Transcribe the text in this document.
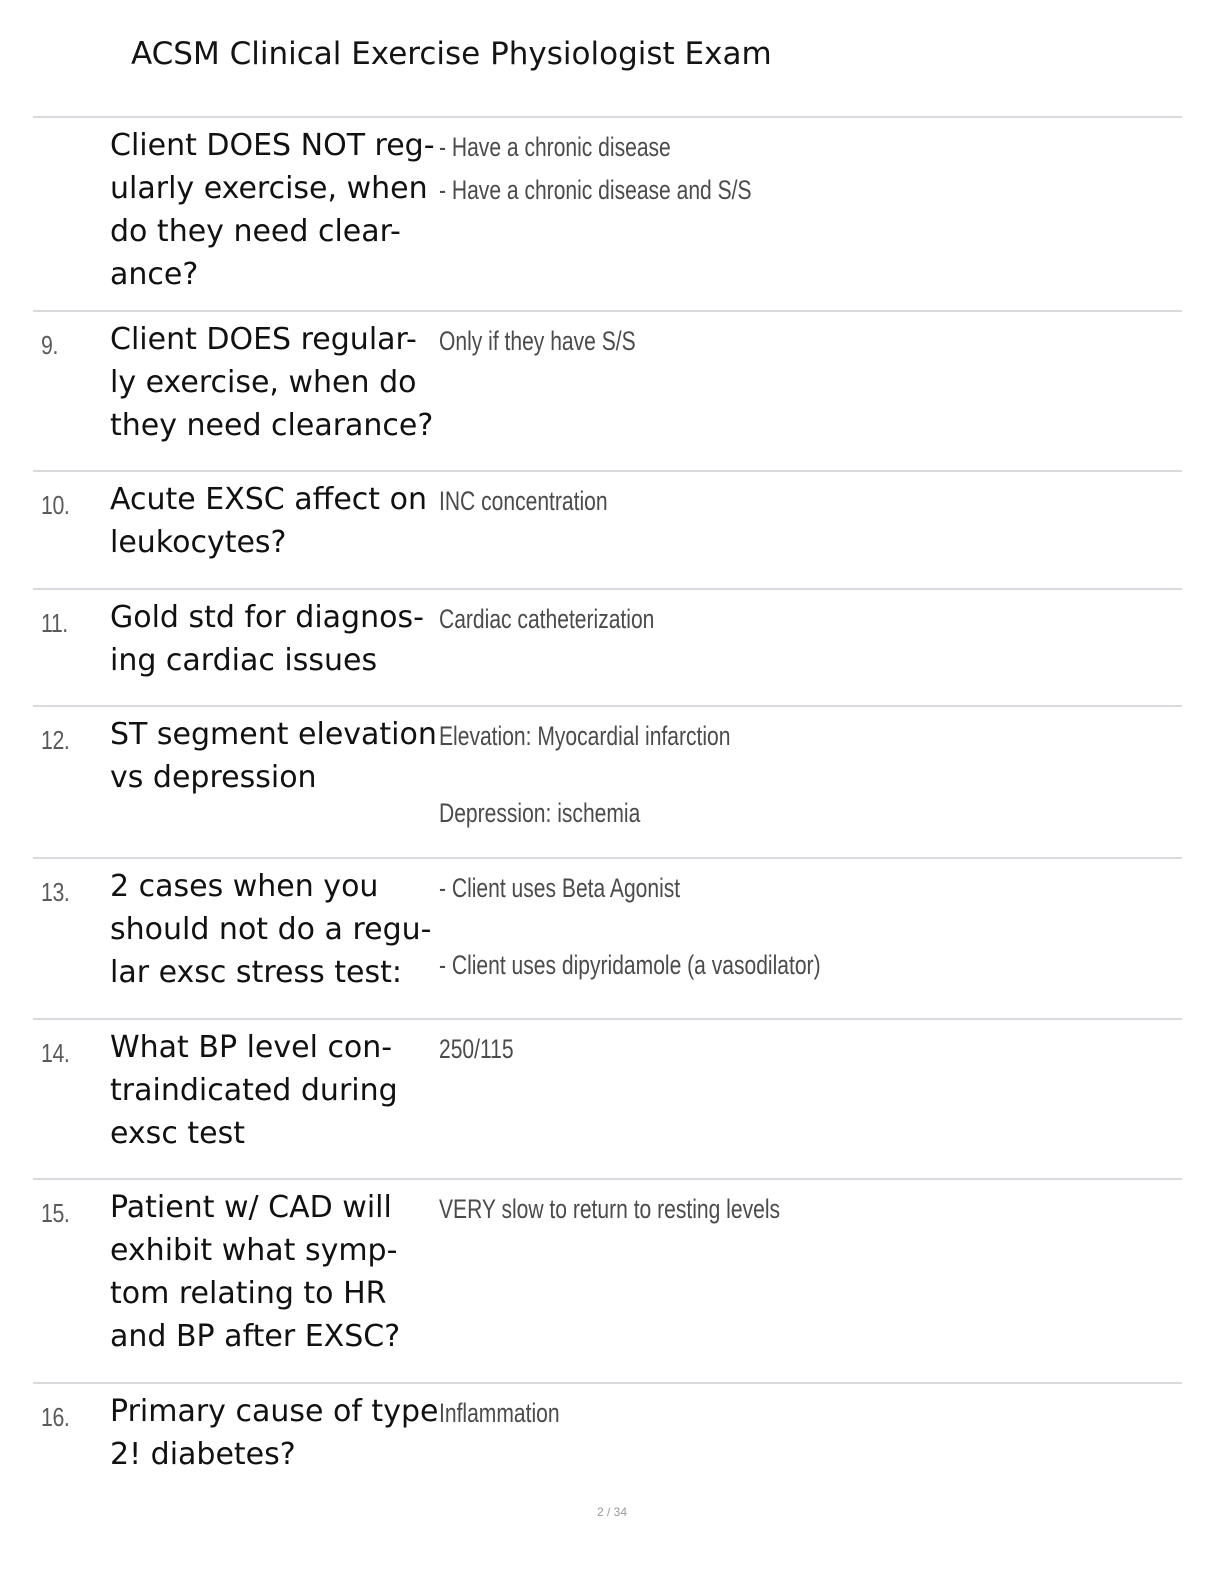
ACSM Clinical Exercise Physiologist Exam
Client DOES NOT reg-
ularly exercise, when
do they need clear-
ance?
- Have a chronic disease
- Have a chronic disease and S/S
9. Client DOES regular-
ly exercise, when do
they need clearance?
Only if they have S/S
10. Acute EXSC affect on
leukocytes?
INC concentration
11. Gold std for diagnos-
ing cardiac issues
Cardiac catheterization
12. ST segment elevation
vs depression
Elevation: Myocardial infarction
Depression: ischemia
13. 2 cases when you
should not do a regu-
lar exsc stress test:
- Client uses Beta Agonist
- Client uses dipyridamole (a vasodilator)
14. What BP level con-
traindicated during
exsc test
250/115
15. Patient w/ CAD will
exhibit what symp-
tom relating to HR
and BP after EXSC?
VERY slow to return to resting levels
16. Primary cause of type
2! diabetes?
Inflammation
2 / 34
